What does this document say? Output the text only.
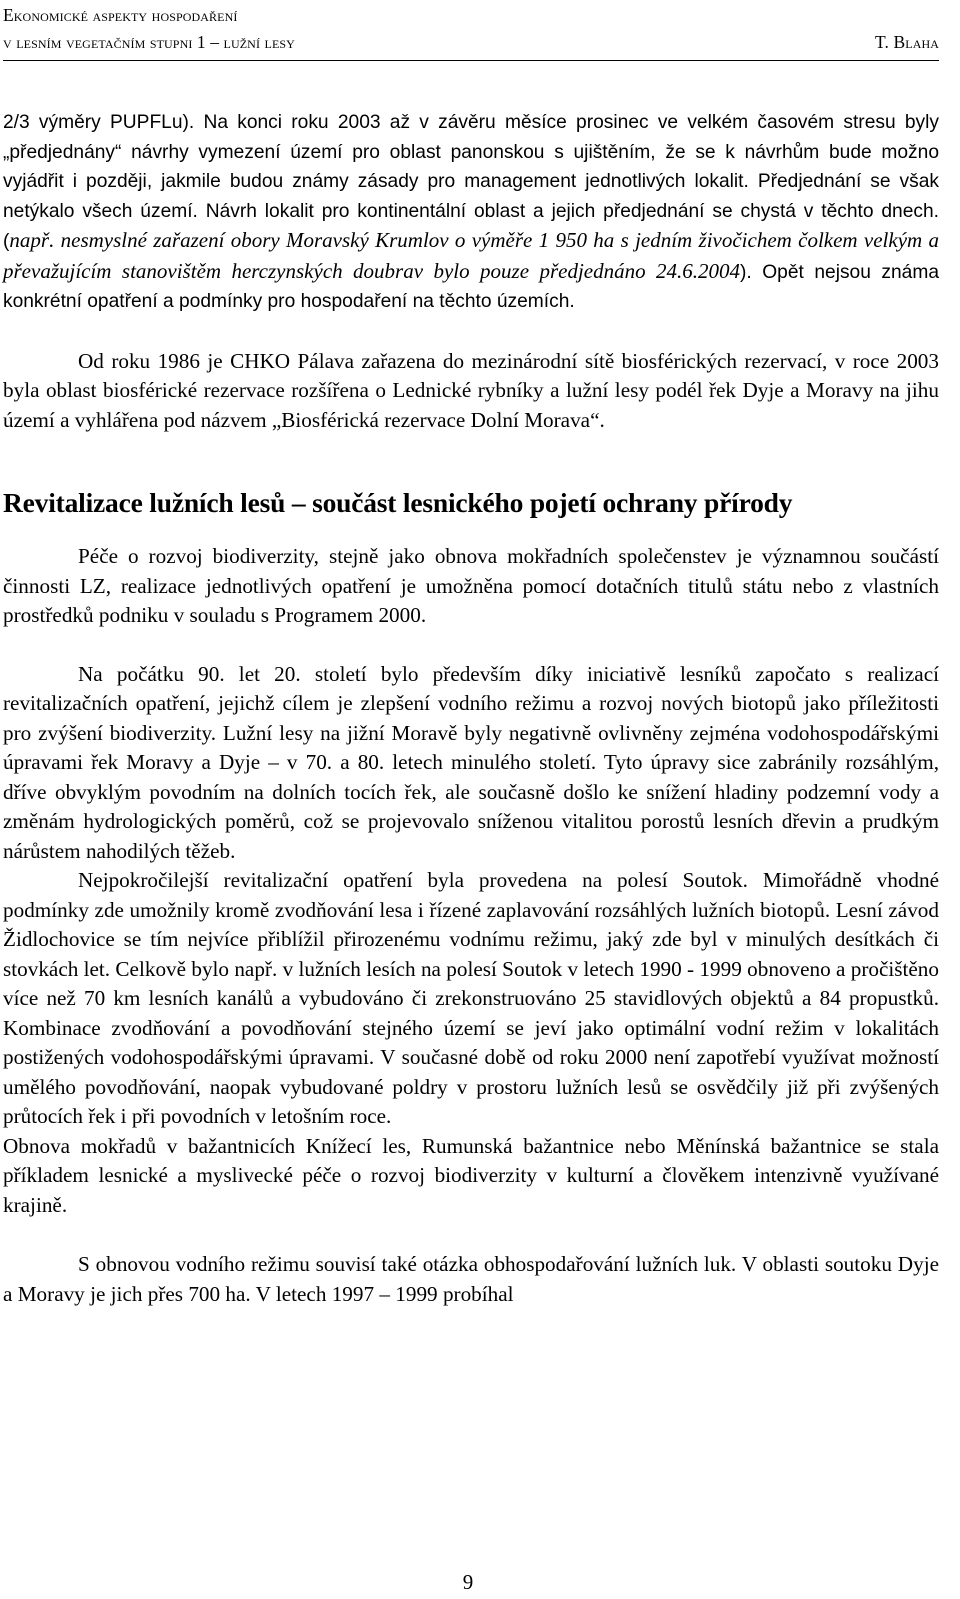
Ekonomické aspekty hospodaření
v lesním vegetačním stupni 1 – lužní lesy	T. Blaha

2/3 výměry PUPFLu). Na konci roku 2003 až v závěru měsíce prosinec ve velkém časovém stresu byly „předjednány“ návrhy vymezení území pro oblast panonskou s ujištěním, že se k návrhům bude možno vyjádřit i později, jakmile budou známy zásady pro management jednotlivých lokalit. Předjednání se však netýkalo všech území. Návrh lokalit pro kontinentální oblast a jejich předjednání se chystá v těchto dnech. (např. nesmyslné zařazení obory Moravský Krumlov o výměře 1 950 ha s jedním živočichem čolkem velkým a převažujícím stanovištěm herczynských doubrav bylo pouze předjednáno 24.6.2004). Opět nejsou známa konkrétní opatření a podmínky pro hospodaření na těchto územích.

Od roku 1986 je CHKO Pálava zařazena do mezinárodní sítě biosférických rezervací, v roce 2003 byla oblast biosférické rezervace rozšířena o Lednické rybníky a lužní lesy podél řek Dyje a Moravy na jihu území a vyhlářena pod názvem „Biosférická rezervace Dolní Morava“.

Revitalizace lužních lesů – součást lesnického pojetí ochrany přírody

Péče o rozvoj biodiverzity, stejně jako obnova mokřadních společenstev je významnou součástí činnosti LZ, realizace jednotlivých opatření je umožněna pomocí dotačních titulů státu nebo z vlastních prostředků podniku v souladu s Programem 2000.

Na počátku 90. let 20. století bylo především díky iniciativě lesníků započato s realizací revitalizačních opatření, jejichž cílem je zlepšení vodního režimu a rozvoj nových biotopů jako příležitosti pro zvýšení biodiverzity. Lužní lesy na jižní Moravě byly negativně ovlivněny zejména vodohospodářskými úpravami řek Moravy a Dyje – v 70. a 80. letech minulého století. Tyto úpravy sice zabránily rozsáhlým, dříve obvyklým povodním na dolních tocích řek, ale současně došlo ke snížení hladiny podzemní vody a změnám hydrologických poměrů, což se projevovalo sníženou vitalitou porostů lesních dřevin a prudkým nárůstem nahodilých těžeb.

Nejpokročilejší revitalizační opatření byla provedena na polesí Soutok. Mimořádně vhodné podmínky zde umožnily kromě zvodňování lesa i řízené zaplavování rozsáhlých lužních biotopů. Lesní závod Židlochovice se tím nejvíce přiblížil přirozenému vodnímu režimu, jaký zde byl v minulých desítkách či stovkách let. Celkově bylo např. v lužních lesích na polesí Soutok v letech 1990 - 1999 obnoveno a pročištěno více než 70 km lesních kanálů a vybudováno či zrekonstruováno 25 stavidlových objektů a 84 propustků. Kombinace zvodňování a povodňování stejného území se jeví jako optimální vodní režim v lokalitách postižených vodohospodářskými úpravami. V současné době od roku 2000 není zapotřebí využívat možností umělého povodňování, naopak vybudované poldry v prostoru lužních lesů se osvědčily již při zvýšených průtocích řek i při povodních v letošním roce.

Obnova mokřadů v bažantnicích Knížecí les, Rumunská bažantnice nebo Měnínská bažantnice se stala příkladem lesnické a myslivecké péče o rozvoj biodiverzity v kulturní a člověkem intenzivně využívané krajině.

S obnovou vodního režimu souvisí také otázka obhospodařování lužních luk. V oblasti soutoku Dyje a Moravy je jich přes 700 ha. V letech 1997 – 1999 probíhal

9
